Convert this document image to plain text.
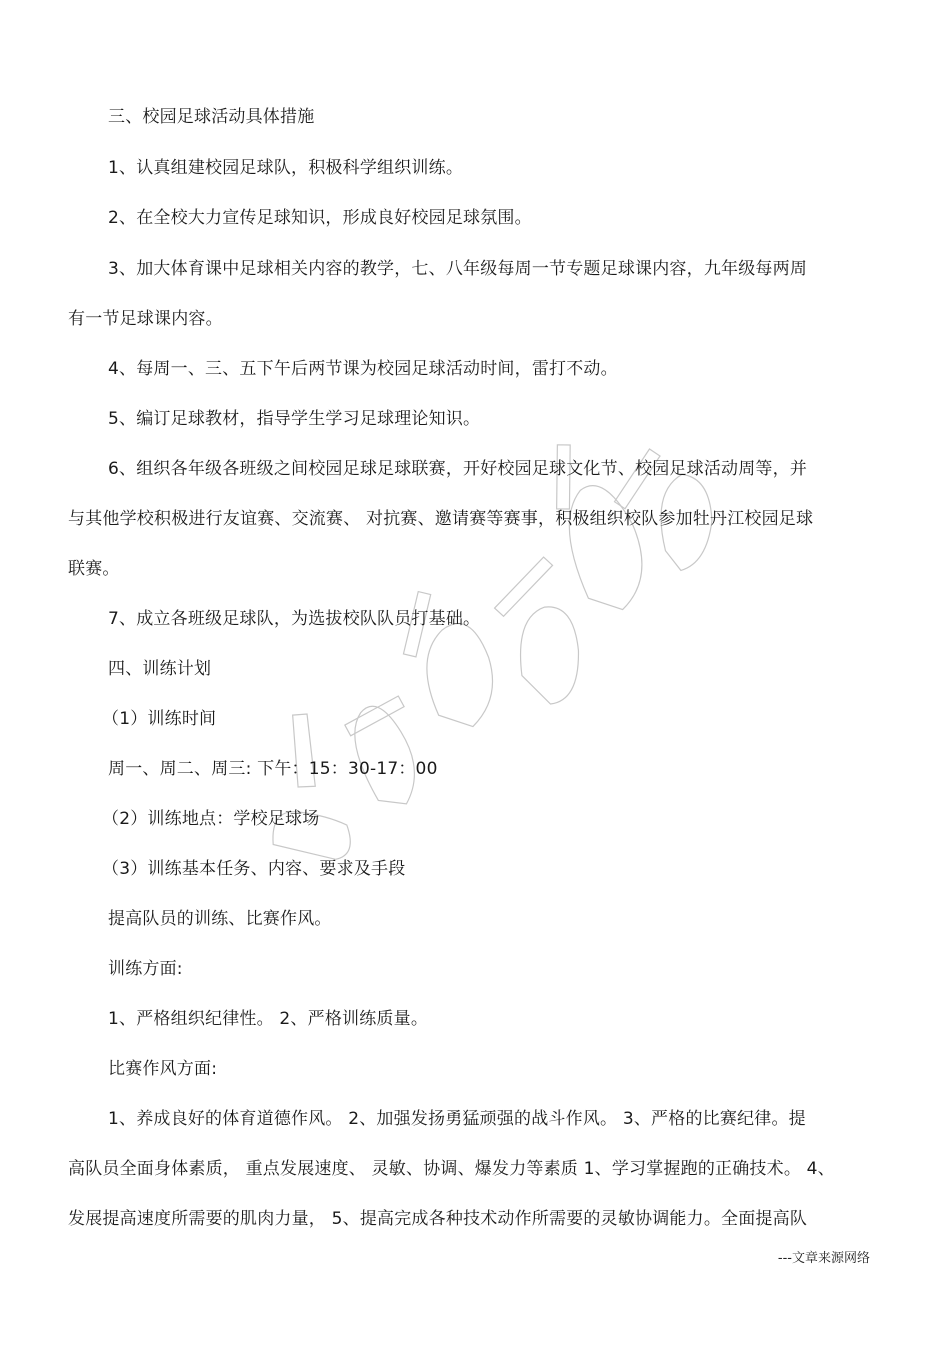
三、校园足球活动具体措施
1、认真组建校园足球队，积极科学组织训练。
2、在全校大力宣传足球知识，形成良好校园足球氛围。
3、加大体育课中足球相关内容的教学，七、八年级每周一节专题足球课内容，九年级每两周
有一节足球课内容。
4、每周一、三、五下午后两节课为校园足球活动时间，雷打不动。
5、编订足球教材，指导学生学习足球理论知识。
6、组织各年级各班级之间校园足球足球联赛，开好校园足球文化节、校园足球活动周等，并
与其他学校积极进行友谊赛、交流赛、 对抗赛、邀请赛等赛事，积极组织校队参加牡丹江校园足球
联赛。
7、成立各班级足球队，为选拔校队队员打基础。
四、训练计划
（1）训练时间
周一、周二、周三: 下午：15：30-17：00
（2）训练地点：学校足球场
（3）训练基本任务、内容、要求及手段
提高队员的训练、比赛作风。
训练方面:
1、严格组织纪律性。 2、严格训练质量。
比赛作风方面:
1、养成良好的体育道德作风。 2、加强发扬勇猛顽强的战斗作风。 3、严格的比赛纪律。提
高队员全面身体素质， 重点发展速度、 灵敏、协调、爆发力等素质 1、学习掌握跑的正确技术。 4、
发展提高速度所需要的肌肉力量， 5、提高完成各种技术动作所需要的灵敏协调能力。全面提高队
---文章来源网络
